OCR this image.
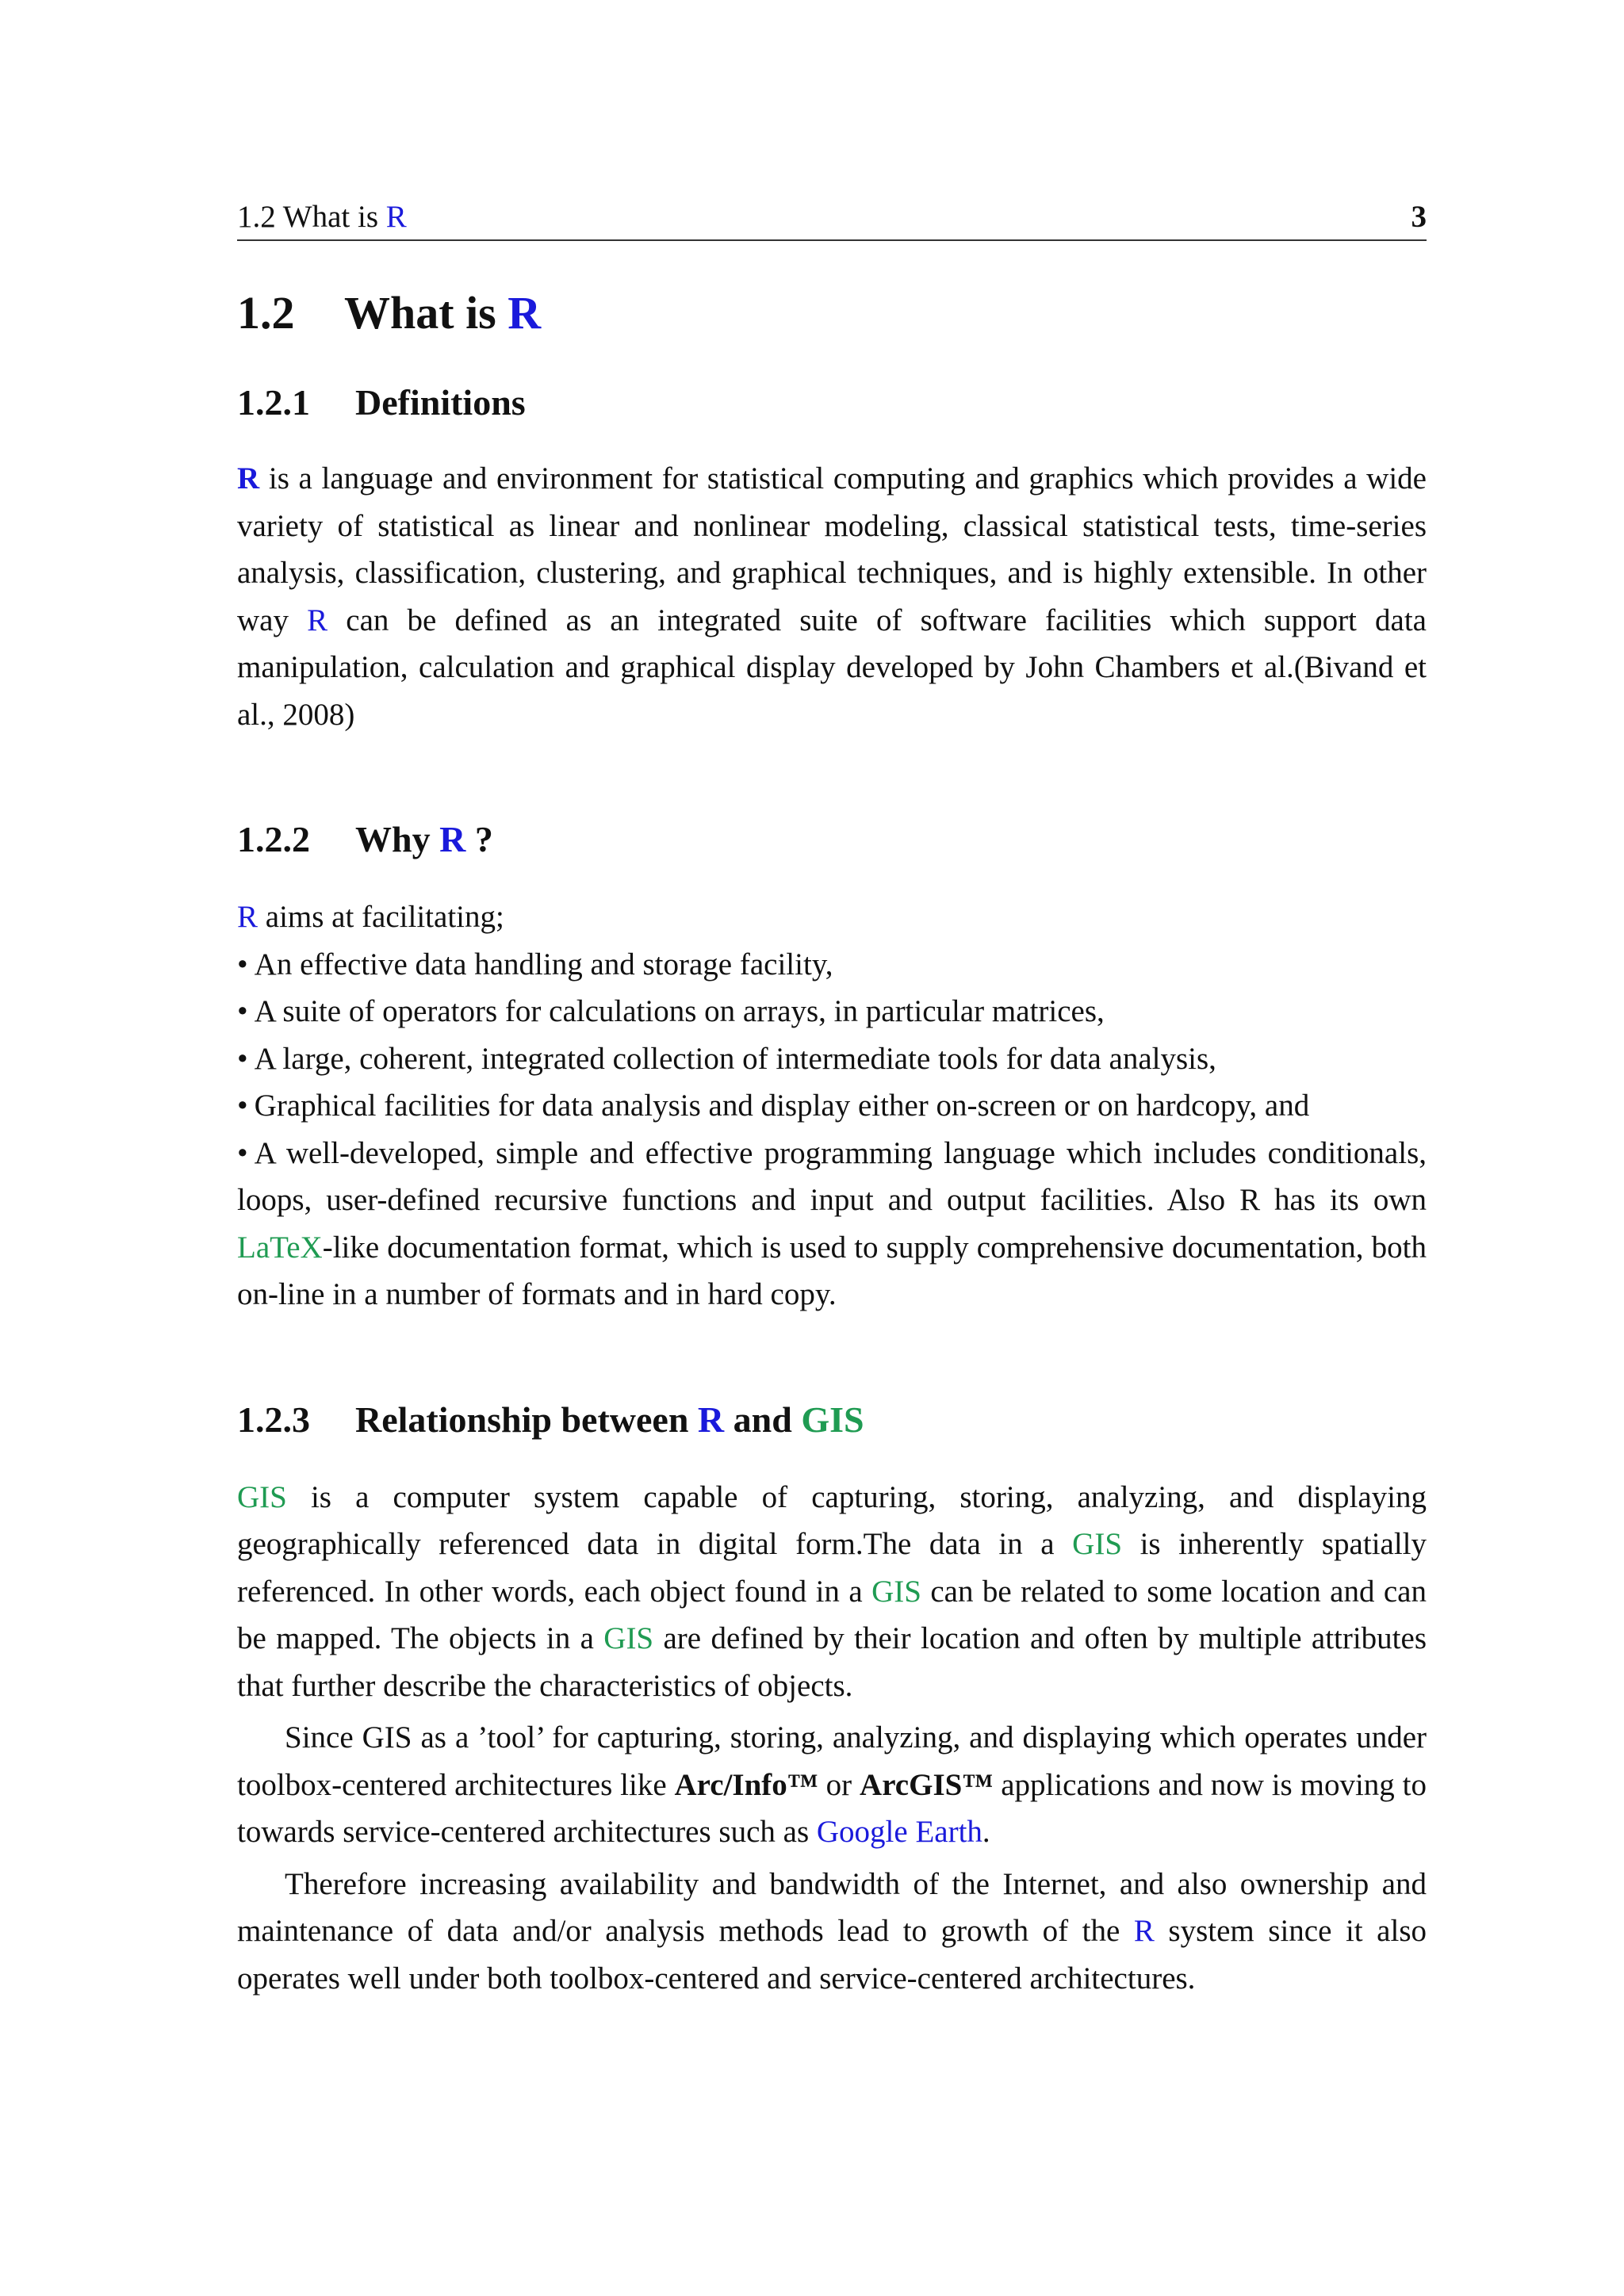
1.2 What is R	3
1.2 What is R
1.2.1 Definitions

R is a language and environment for statistical computing and graphics which provides a wide variety of statistical as linear and nonlinear modeling, classical statistical tests, time-series analysis, classification, clustering, and graphical techniques, and is highly extensible. In other way R can be defined as an integrated suite of software facilities which support data manipulation, calculation and graphical display developed by John Chambers et al.(Bivand et al., 2008)

1.2.2 Why R ?

R aims at facilitating;

• An effective data handling and storage facility,
• A suite of operators for calculations on arrays, in particular matrices,
• A large, coherent, integrated collection of intermediate tools for data analysis,
• Graphical facilities for data analysis and display either on-screen or on hardcopy, and
• A well-developed, simple and effective programming language which includes conditionals, loops, user-defined recursive functions and input and output facilities. Also R has its own LaTeX-like documentation format, which is used to supply comprehensive documentation, both on-line in a number of formats and in hard copy.
1.2.3 Relationship between R and GIS

GIS is a computer system capable of capturing, storing, analyzing, and displaying geographically referenced data in digital form.The data in a GIS is inherently spatially referenced. In other words, each object found in a GIS can be related to some location and can be mapped. The objects in a GIS are defined by their location and often by multiple attributes that further describe the characteristics of objects.

Since GIS as a ’tool’ for capturing, storing, analyzing, and displaying which operates under toolbox-centered architectures like Arc/Info™ or ArcGIS™ applications and now is moving to towards service-centered architectures such as Google Earth.

Therefore increasing availability and bandwidth of the Internet, and also ownership and maintenance of data and/or analysis methods lead to growth of the R system since it also operates well under both toolbox-centered and service-centered architectures.
